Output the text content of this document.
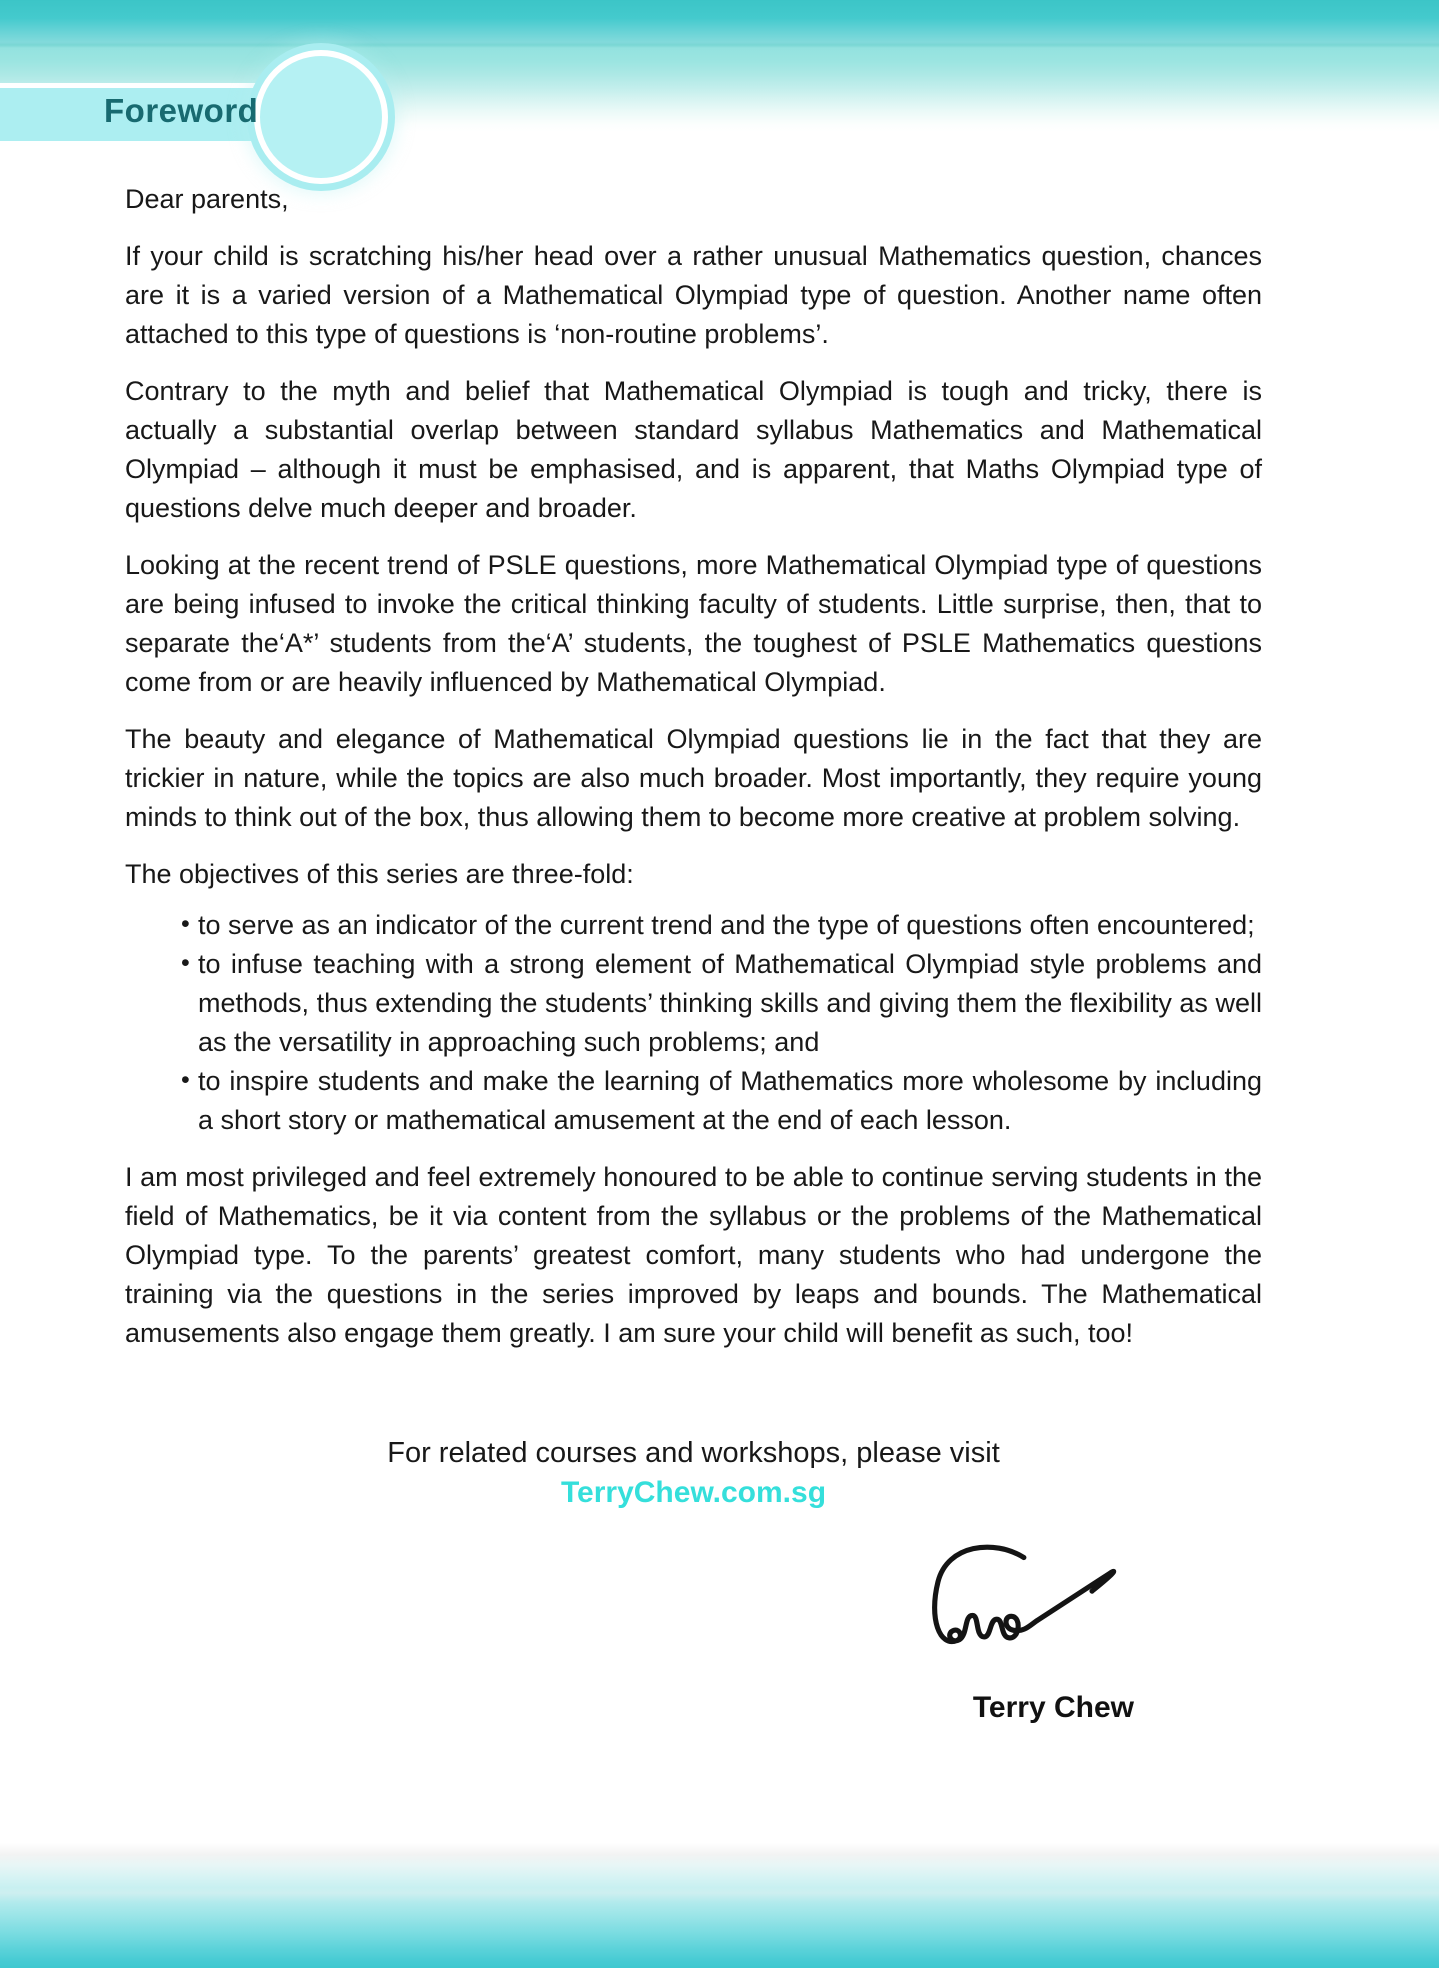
Foreword

Dear parents,

If your child is scratching his/her head over a rather unusual Mathematics question, chances are it is a varied version of a Mathematical Olympiad type of question. Another name often attached to this type of questions is ‘non-routine problems’.

Contrary to the myth and belief that Mathematical Olympiad is tough and tricky, there is actually a substantial overlap between standard syllabus Mathematics and Mathematical Olympiad – although it must be emphasised, and is apparent, that Maths Olympiad type of questions delve much deeper and broader.

Looking at the recent trend of PSLE questions, more Mathematical Olympiad type of questions are being infused to invoke the critical thinking faculty of students. Little surprise, then, that to separate the‘A*’ students from the‘A’ students, the toughest of PSLE Mathematics questions come from or are heavily influenced by Mathematical Olympiad.

The beauty and elegance of Mathematical Olympiad questions lie in the fact that they are trickier in nature, while the topics are also much broader. Most importantly, they require young minds to think out of the box, thus allowing them to become more creative at problem solving.

The objectives of this series are three-fold:

• to serve as an indicator of the current trend and the type of questions often encountered;
• to infuse teaching with a strong element of Mathematical Olympiad style problems and methods, thus extending the students’ thinking skills and giving them the flexibility as well as the versatility in approaching such problems; and
• to inspire students and make the learning of Mathematics more wholesome by including a short story or mathematical amusement at the end of each lesson.

I am most privileged and feel extremely honoured to be able to continue serving students in the field of Mathematics, be it via content from the syllabus or the problems of the Mathematical Olympiad type. To the parents’ greatest comfort, many students who had undergone the training via the questions in the series improved by leaps and bounds. The Mathematical amusements also engage them greatly. I am sure your child will benefit as such, too!

For related courses and workshops, please visit
TerryChew.com.sg
Terry Chew
